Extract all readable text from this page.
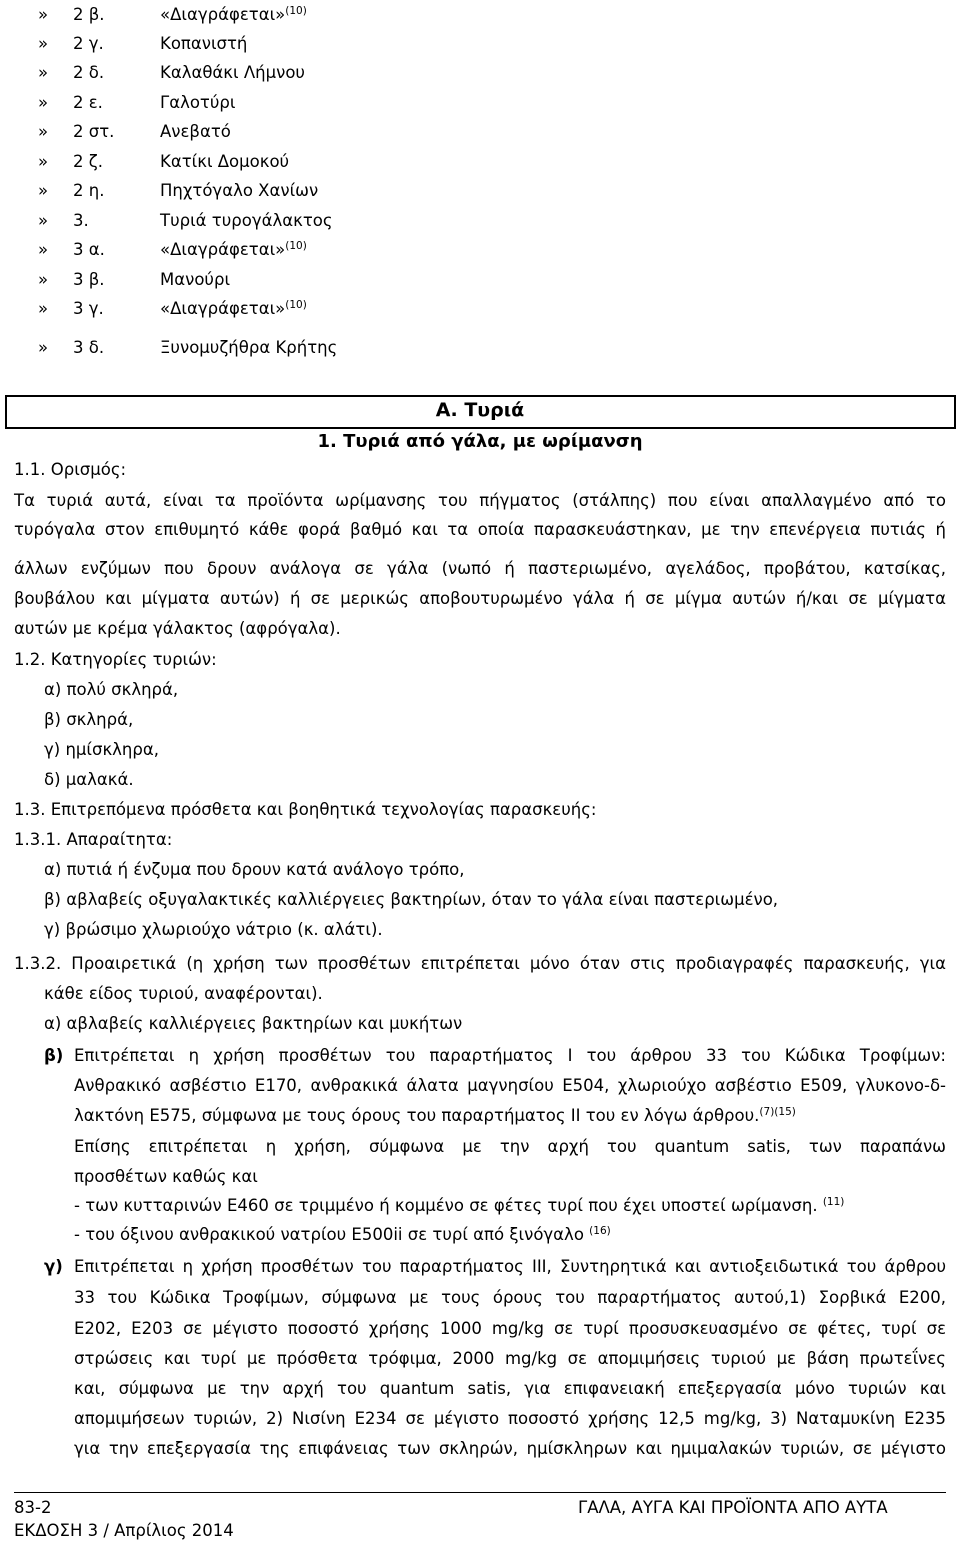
» 2 β.	«Διαγράφεται»$^{(10)}$
» 2 γ.	Κοπανιστή
» 2 δ.	Καλαθάκι Λήμνου
» 2 ε.	Γαλοτύρι
» 2 στ.	Ανεβατό
» 2 ζ.	Κατίκι Δομοκού
» 2 η.	Πηχτόγαλο Χανίων
» 3.	Τυριά τυρογάλακτος
» 3 α.	«Διαγράφεται»$^{(10)}$
» 3 β.	Μανούρι
» 3 γ.	«Διαγράφεται»$^{(10)}$
» 3 δ.	Ξυνομυζήθρα Κρήτης
Α. Τυριά
1. Τυριά από γάλα, με ωρίμανση
1.1. Ορισμός:
Τα τυριά αυτά, είναι τα προϊόντα ωρίμανσης του πήγματος (στάλπης) που είναι απαλλαγμένο από το
τυρόγαλα στον επιθυμητό κάθε φορά βαθμό και τα οποία παρασκευάστηκαν, με την επενέργεια πυτιάς ή
άλλων ενζύμων που δρουν ανάλογα σε γάλα (νωπό ή παστεριωμένο, αγελάδος, προβάτου, κατσίκας,
βουβάλου και μίγματα αυτών) ή σε μερικώς αποβουτυρωμένο γάλα ή σε μίγμα αυτών ή/και σε μίγματα
αυτών με κρέμα γάλακτος (αφρόγαλα).
1.2. Κατηγορίες τυριών:
α) πολύ σκληρά,
β) σκληρά,
γ) ημίσκληρα,
δ) μαλακά.
1.3. Επιτρεπόμενα πρόσθετα και βοηθητικά τεχνολογίας παρασκευής:
1.3.1. Απαραίτητα:
α) πυτιά ή ένζυμα που δρουν κατά ανάλογο τρόπο,
β) αβλαβείς οξυγαλακτικές καλλιέργειες βακτηρίων, όταν το γάλα είναι παστεριωμένο,
γ) βρώσιμο χλωριούχο νάτριο (κ. αλάτι).
1.3.2. Προαιρετικά (η χρήση των προσθέτων επιτρέπεται μόνο όταν στις προδιαγραφές παρασκευής, για
κάθε είδος τυριού, αναφέρονται).
α) αβλαβείς καλλιέργειες βακτηρίων και μυκήτων
β) Επιτρέπεται η χρήση προσθέτων του παραρτήματος Ι του άρθρου 33 του Κώδικα Τροφίμων:
Ανθρακικό ασβέστιο Ε170, ανθρακικά άλατα μαγνησίου Ε504, χλωριούχο ασβέστιο Ε509, γλυκονο-δ-
λακτόνη Ε575, σύμφωνα με τους όρους του παραρτήματος ΙΙ του εν λόγω άρθρου.$^{(7)(15)}$
Επίσης επιτρέπεται η χρήση, σύμφωνα με την αρχή του quantum satis, των παραπάνω
προσθέτων καθώς και
- των κυτταρινών Ε460 σε τριμμένο ή κομμένο σε φέτες τυρί που έχει υποστεί ωρίμανση. $^{(11)}$
- του όξινου ανθρακικού νατρίου Ε500ii σε τυρί από ξινόγαλο $^{(16)}$
γ) Επιτρέπεται η χρήση προσθέτων του παραρτήματος ΙΙΙ, Συντηρητικά και αντιοξειδωτικά του άρθρου
33 του Κώδικα Τροφίμων, σύμφωνα με τους όρους του παραρτήματος αυτού,1) Σορβικά Ε200,
Ε202, Ε203 σε μέγιστο ποσοστό χρήσης 1000 mg/kg σε τυρί προσυσκευασμένο σε φέτες, τυρί σε
στρώσεις και τυρί με πρόσθετα τρόφιμα, 2000 mg/kg σε απομιμήσεις τυριού με βάση πρωτεΐνες
και, σύμφωνα με την αρχή του quantum satis, για επιφανειακή επεξεργασία μόνο τυριών και
απομιμήσεων τυριών, 2) Νισίνη Ε234 σε μέγιστο ποσοστό χρήσης 12,5 mg/kg, 3) Ναταμυκίνη Ε235
για την επεξεργασία της επιφάνειας των σκληρών, ημίσκληρων και ημιμαλακών τυριών, σε μέγιστο
83-2
ΕΚΔΟΣΗ 3 / Απρίλιος 2014
ΓΑΛΑ, ΑΥΓΑ ΚΑΙ ΠΡΟΪΟΝΤΑ ΑΠΟ ΑΥΤΑ
